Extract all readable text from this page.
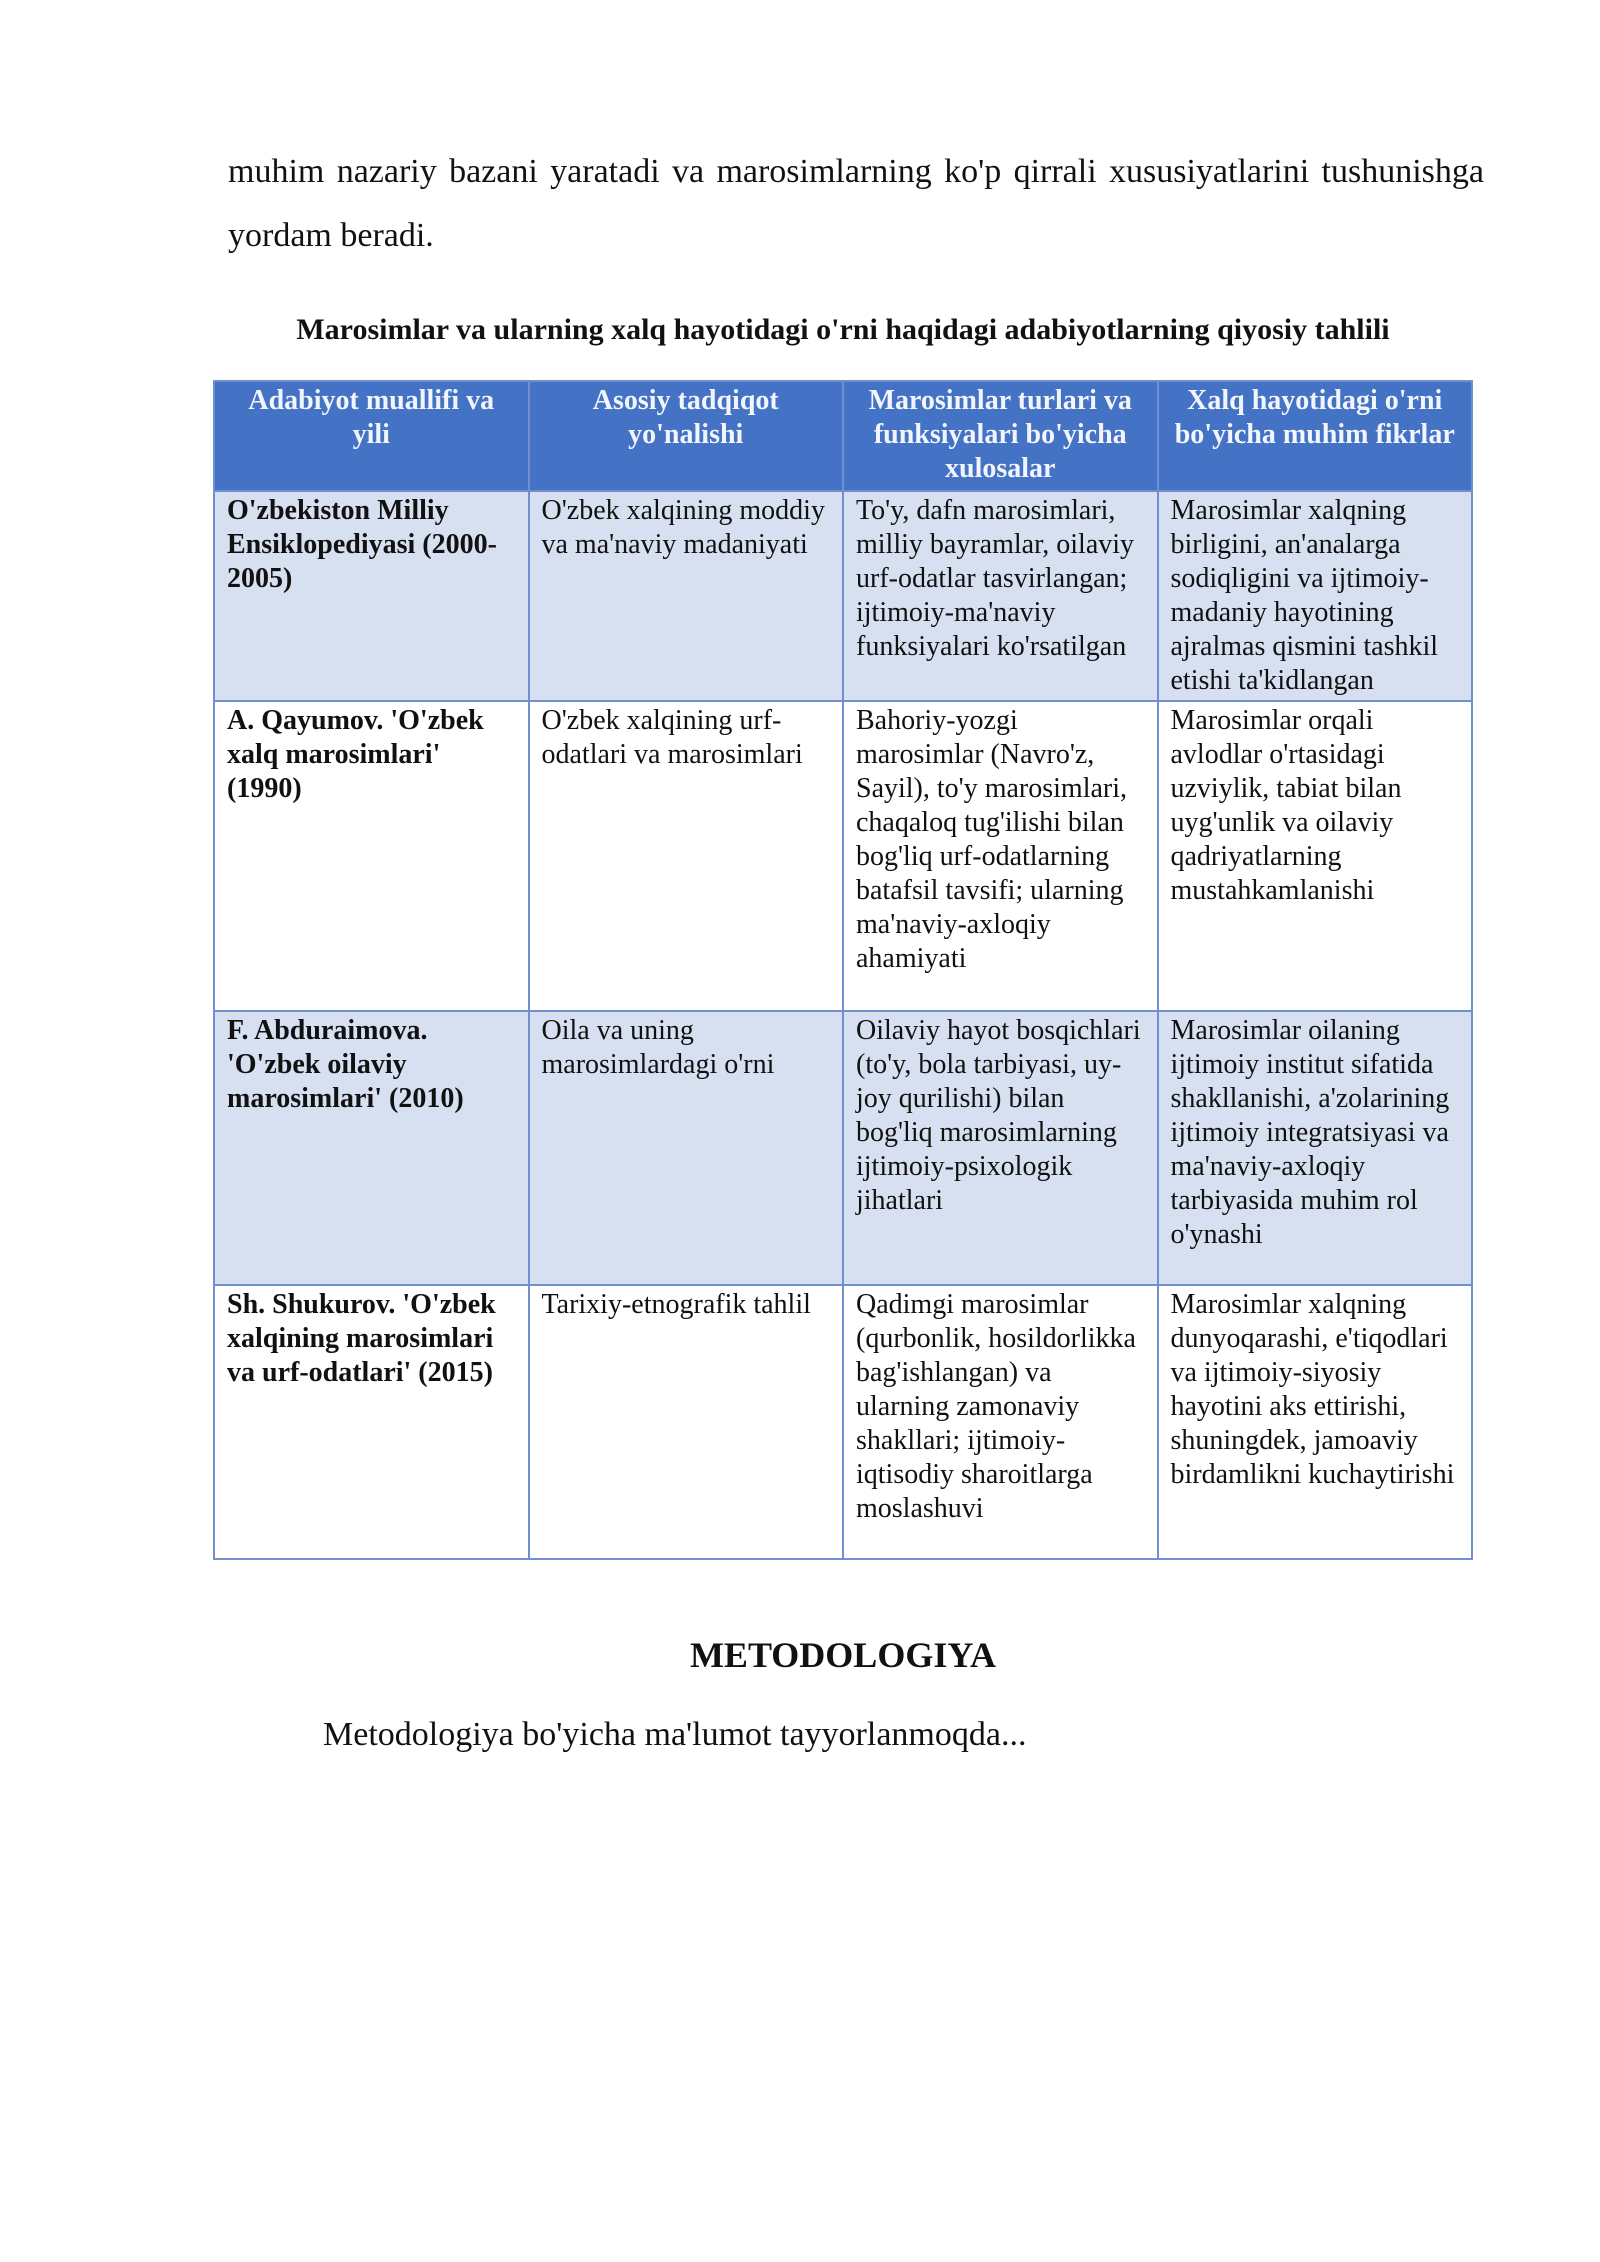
muhim nazariy bazani yaratadi va marosimlarning ko'p qirrali xususiyatlarini tushunishga yordam beradi.

Marosimlar va ularning xalq hayotidagi o'rni haqidagi adabiyotlarning qiyosiy tahlili

Adabiyot muallifi va yili	Asosiy tadqiqot yo'nalishi	Marosimlar turlari va funksiyalari bo'yicha xulosalar	Xalq hayotidagi o'rni bo'yicha muhim fikrlar
O'zbekiston Milliy Ensiklopediyasi (2000-2005)	O'zbek xalqining moddiy va ma'naviy madaniyati	To'y, dafn marosimlari, milliy bayramlar, oilaviy urf-odatlar tasvirlangan; ijtimoiy-ma'naviy funksiyalari ko'rsatilgan	Marosimlar xalqning birligini, an'analarga sodiqligini va ijtimoiy-madaniy hayotining ajralmas qismini tashkil etishi ta'kidlangan
A. Qayumov. 'O'zbek xalq marosimlari' (1990)	O'zbek xalqining urf-odatlari va marosimlari	Bahoriy-yozgi marosimlar (Navro'z, Sayil), to'y marosimlari, chaqaloq tug'ilishi bilan bog'liq urf-odatlarning batafsil tavsifi; ularning ma'naviy-axloqiy ahamiyati	Marosimlar orqali avlodlar o'rtasidagi uzviylik, tabiat bilan uyg'unlik va oilaviy qadriyatlarning mustahkamlanishi
F. Abduraimova. 'O'zbek oilaviy marosimlari' (2010)	Oila va uning marosimlardagi o'rni	Oilaviy hayot bosqichlari (to'y, bola tarbiyasi, uy-joy qurilishi) bilan bog'liq marosimlarning ijtimoiy-psixologik jihatlari	Marosimlar oilaning ijtimoiy institut sifatida shakllanishi, a'zolarining ijtimoiy integratsiyasi va ma'naviy-axloqiy tarbiyasida muhim rol o'ynashi
Sh. Shukurov. 'O'zbek xalqining marosimlari va urf-odatlari' (2015)	Tarixiy-etnografik tahlil	Qadimgi marosimlar (qurbonlik, hosildorlikka bag'ishlangan) va ularning zamonaviy shakllari; ijtimoiy-iqtisodiy sharoitlarga moslashuvi	Marosimlar xalqning dunyoqarashi, e'tiqodlari va ijtimoiy-siyosiy hayotini aks ettirishi, shuningdek, jamoaviy birdamlikni kuchaytirishi
METODOLOGIYA

Metodologiya bo'yicha ma'lumot tayyorlanmoqda...
